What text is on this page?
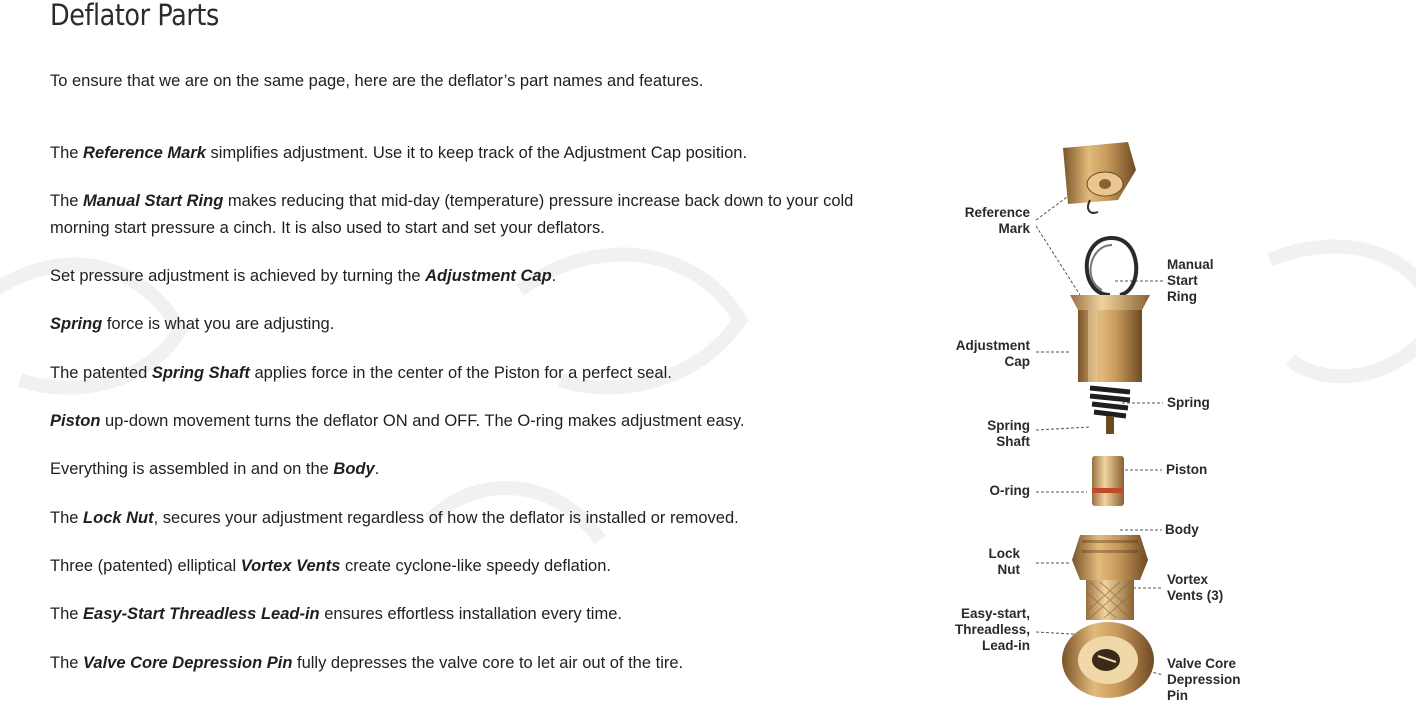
Deflator Parts

To ensure that we are on the same page, here are the deflator’s part names and features.

The Reference Mark simplifies adjustment. Use it to keep track of the Adjustment Cap position.

The Manual Start Ring makes reducing that mid-day (temperature) pressure increase back down to your cold morning start pressure a cinch. It is also used to start and set your deflators.

Set pressure adjustment is achieved by turning the Adjustment Cap.

Spring force is what you are adjusting.

The patented Spring Shaft applies force in the center of the Piston for a perfect seal.

Piston up-down movement turns the deflator ON and OFF. The O-ring makes adjustment easy.

Everything is assembled in and on the Body.

The Lock Nut, secures your adjustment regardless of how the deflator is installed or removed.

Three (patented) elliptical Vortex Vents create cyclone-like speedy deflation.

The Easy-Start Threadless Lead-in ensures effortless installation every time.

The Valve Core Depression Pin fully depresses the valve core to let air out of the tire.

Reference
Mark
Manual
Start
Ring
Adjustment
Cap
Spring
Spring
Shaft
Piston
O-ring
Body
Lock
Nut
Vortex
Vents (3)
Easy-start,
Threadless,
Lead-in
Valve Core
Depression
Pin
